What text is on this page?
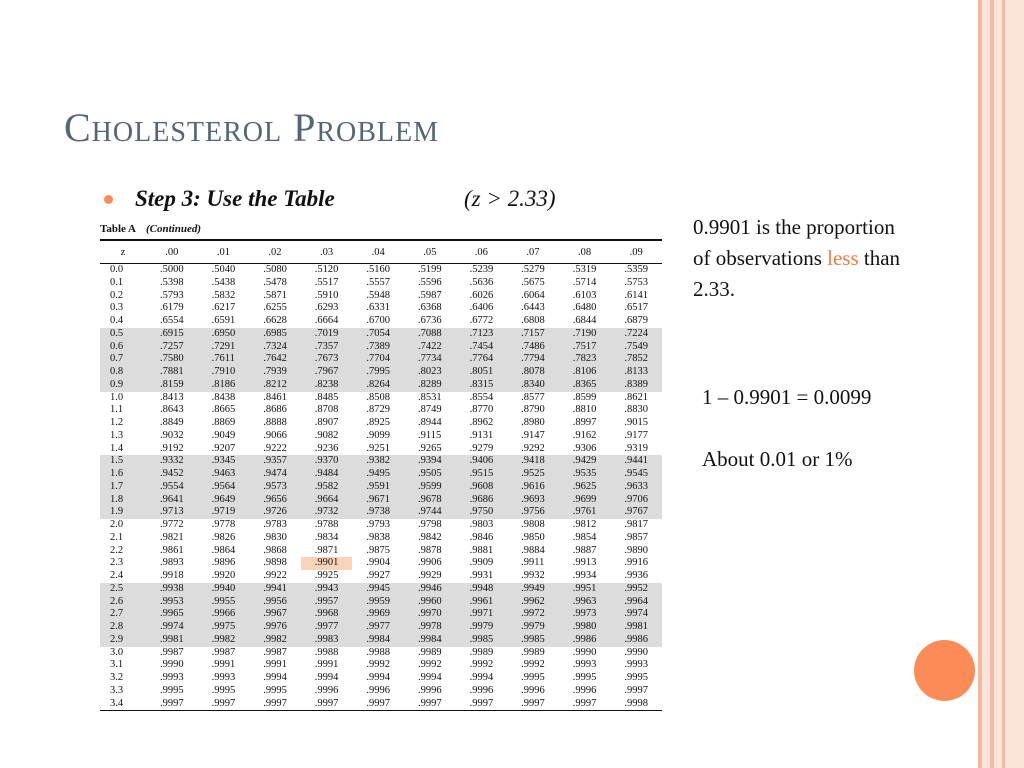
Cholesterol Problem
Step 3: Use the Table	(z > 2.33)
Table A (Continued)
z	.00	.01	.02	.03	.04	.05	.06	.07	.08	.09
0.0	.5000	.5040	.5080	.5120	.5160	.5199	.5239	.5279	.5319	.5359
0.1	.5398	.5438	.5478	.5517	.5557	.5596	.5636	.5675	.5714	.5753
0.2	.5793	.5832	.5871	.5910	.5948	.5987	.6026	.6064	.6103	.6141
0.3	.6179	.6217	.6255	.6293	.6331	.6368	.6406	.6443	.6480	.6517
0.4	.6554	.6591	.6628	.6664	.6700	.6736	.6772	.6808	.6844	.6879
0.5	.6915	.6950	.6985	.7019	.7054	.7088	.7123	.7157	.7190	.7224
0.6	.7257	.7291	.7324	.7357	.7389	.7422	.7454	.7486	.7517	.7549
0.7	.7580	.7611	.7642	.7673	.7704	.7734	.7764	.7794	.7823	.7852
0.8	.7881	.7910	.7939	.7967	.7995	.8023	.8051	.8078	.8106	.8133
0.9	.8159	.8186	.8212	.8238	.8264	.8289	.8315	.8340	.8365	.8389
1.0	.8413	.8438	.8461	.8485	.8508	.8531	.8554	.8577	.8599	.8621
1.1	.8643	.8665	.8686	.8708	.8729	.8749	.8770	.8790	.8810	.8830
1.2	.8849	.8869	.8888	.8907	.8925	.8944	.8962	.8980	.8997	.9015
1.3	.9032	.9049	.9066	.9082	.9099	.9115	.9131	.9147	.9162	.9177
1.4	.9192	.9207	.9222	.9236	.9251	.9265	.9279	.9292	.9306	.9319
1.5	.9332	.9345	.9357	.9370	.9382	.9394	.9406	.9418	.9429	.9441
1.6	.9452	.9463	.9474	.9484	.9495	.9505	.9515	.9525	.9535	.9545
1.7	.9554	.9564	.9573	.9582	.9591	.9599	.9608	.9616	.9625	.9633
1.8	.9641	.9649	.9656	.9664	.9671	.9678	.9686	.9693	.9699	.9706
1.9	.9713	.9719	.9726	.9732	.9738	.9744	.9750	.9756	.9761	.9767
2.0	.9772	.9778	.9783	.9788	.9793	.9798	.9803	.9808	.9812	.9817
2.1	.9821	.9826	.9830	.9834	.9838	.9842	.9846	.9850	.9854	.9857
2.2	.9861	.9864	.9868	.9871	.9875	.9878	.9881	.9884	.9887	.9890
2.3	.9893	.9896	.9898	.9901	.9904	.9906	.9909	.9911	.9913	.9916
2.4	.9918	.9920	.9922	.9925	.9927	.9929	.9931	.9932	.9934	.9936
2.5	.9938	.9940	.9941	.9943	.9945	.9946	.9948	.9949	.9951	.9952
2.6	.9953	.9955	.9956	.9957	.9959	.9960	.9961	.9962	.9963	.9964
2.7	.9965	.9966	.9967	.9968	.9969	.9970	.9971	.9972	.9973	.9974
2.8	.9974	.9975	.9976	.9977	.9977	.9978	.9979	.9979	.9980	.9981
2.9	.9981	.9982	.9982	.9983	.9984	.9984	.9985	.9985	.9986	.9986
3.0	.9987	.9987	.9987	.9988	.9988	.9989	.9989	.9989	.9990	.9990
3.1	.9990	.9991	.9991	.9991	.9992	.9992	.9992	.9992	.9993	.9993
3.2	.9993	.9993	.9994	.9994	.9994	.9994	.9994	.9995	.9995	.9995
3.3	.9995	.9995	.9995	.9996	.9996	.9996	.9996	.9996	.9996	.9997
3.4	.9997	.9997	.9997	.9997	.9997	.9997	.9997	.9997	.9997	.9998
0.9901 is the proportion of observations less than 2.33.
1 – 0.9901 = 0.0099
About 0.01 or 1%
